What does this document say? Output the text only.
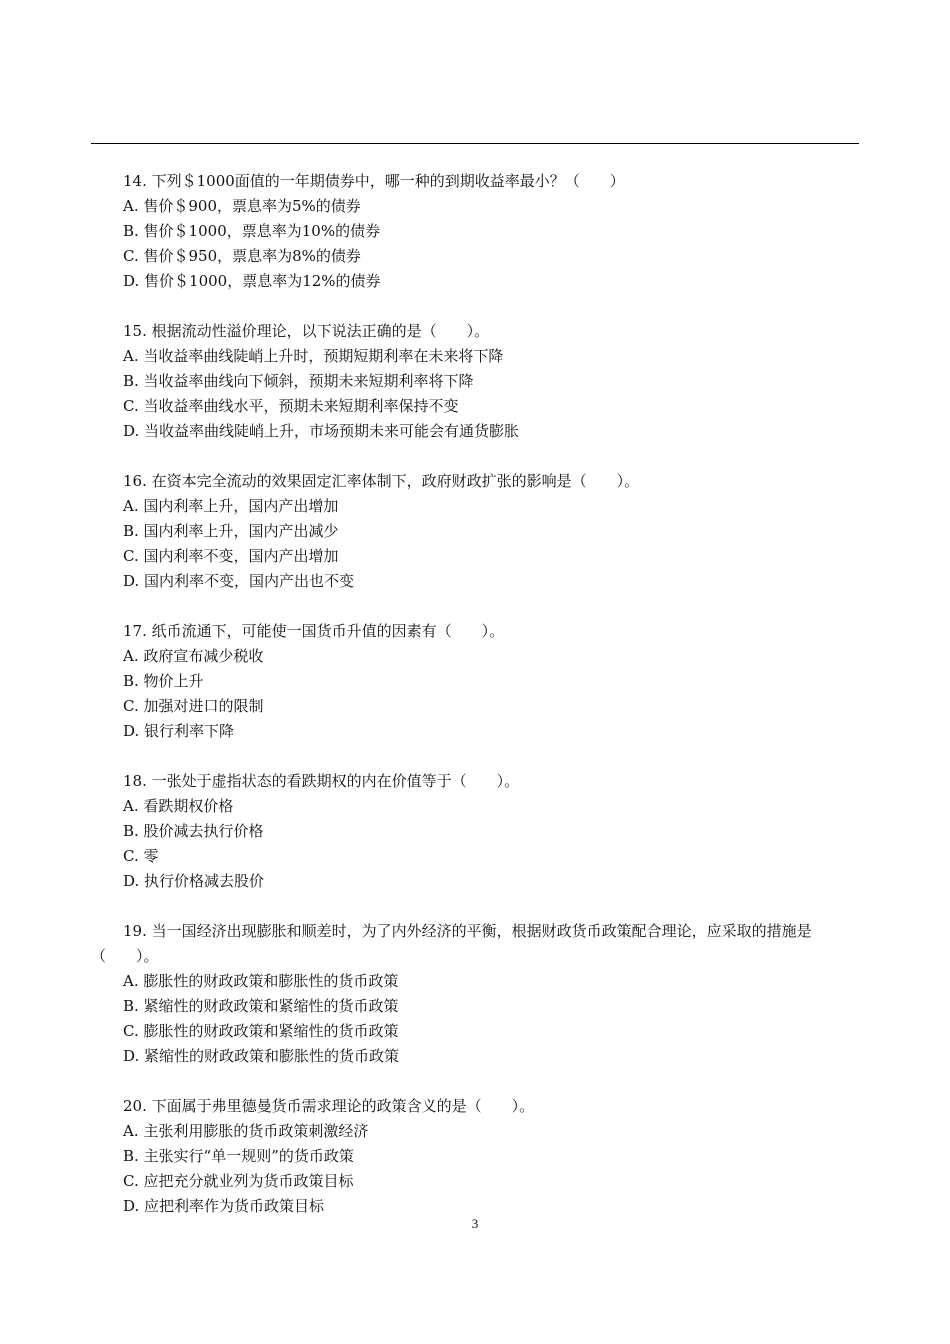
14. 下列＄1000面值的一年期债券中，哪一种的到期收益率最小？（　　）
A. 售价＄900，票息率为5%的债券
B. 售价＄1000，票息率为10%的债券
C. 售价＄950，票息率为8%的债券
D. 售价＄1000，票息率为12%的债券
15. 根据流动性溢价理论，以下说法正确的是（　　）。
A. 当收益率曲线陡峭上升时，预期短期利率在未来将下降
B. 当收益率曲线向下倾斜，预期未来短期利率将下降
C. 当收益率曲线水平，预期未来短期利率保持不变
D. 当收益率曲线陡峭上升，市场预期未来可能会有通货膨胀
16. 在资本完全流动的效果固定汇率体制下，政府财政扩张的影响是（　　）。
A. 国内利率上升，国内产出增加
B. 国内利率上升，国内产出减少
C. 国内利率不变，国内产出增加
D. 国内利率不变，国内产出也不变
17. 纸币流通下，可能使一国货币升值的因素有（　　）。
A. 政府宣布减少税收
B. 物价上升
C. 加强对进口的限制
D. 银行利率下降
18. 一张处于虚指状态的看跌期权的内在价值等于（　　）。
A. 看跌期权价格
B. 股价减去执行价格
C. 零
D. 执行价格减去股价
19. 当一国经济出现膨胀和顺差时，为了内外经济的平衡，根据财政货币政策配合理论，应采取的措施是（　　）。
A. 膨胀性的财政政策和膨胀性的货币政策
B. 紧缩性的财政政策和紧缩性的货币政策
C. 膨胀性的财政政策和紧缩性的货币政策
D. 紧缩性的财政政策和膨胀性的货币政策
20. 下面属于弗里德曼货币需求理论的政策含义的是（　　）。
A. 主张利用膨胀的货币政策刺激经济
B. 主张实行“单一规则”的货币政策
C. 应把充分就业列为货币政策目标
D. 应把利率作为货币政策目标
3
